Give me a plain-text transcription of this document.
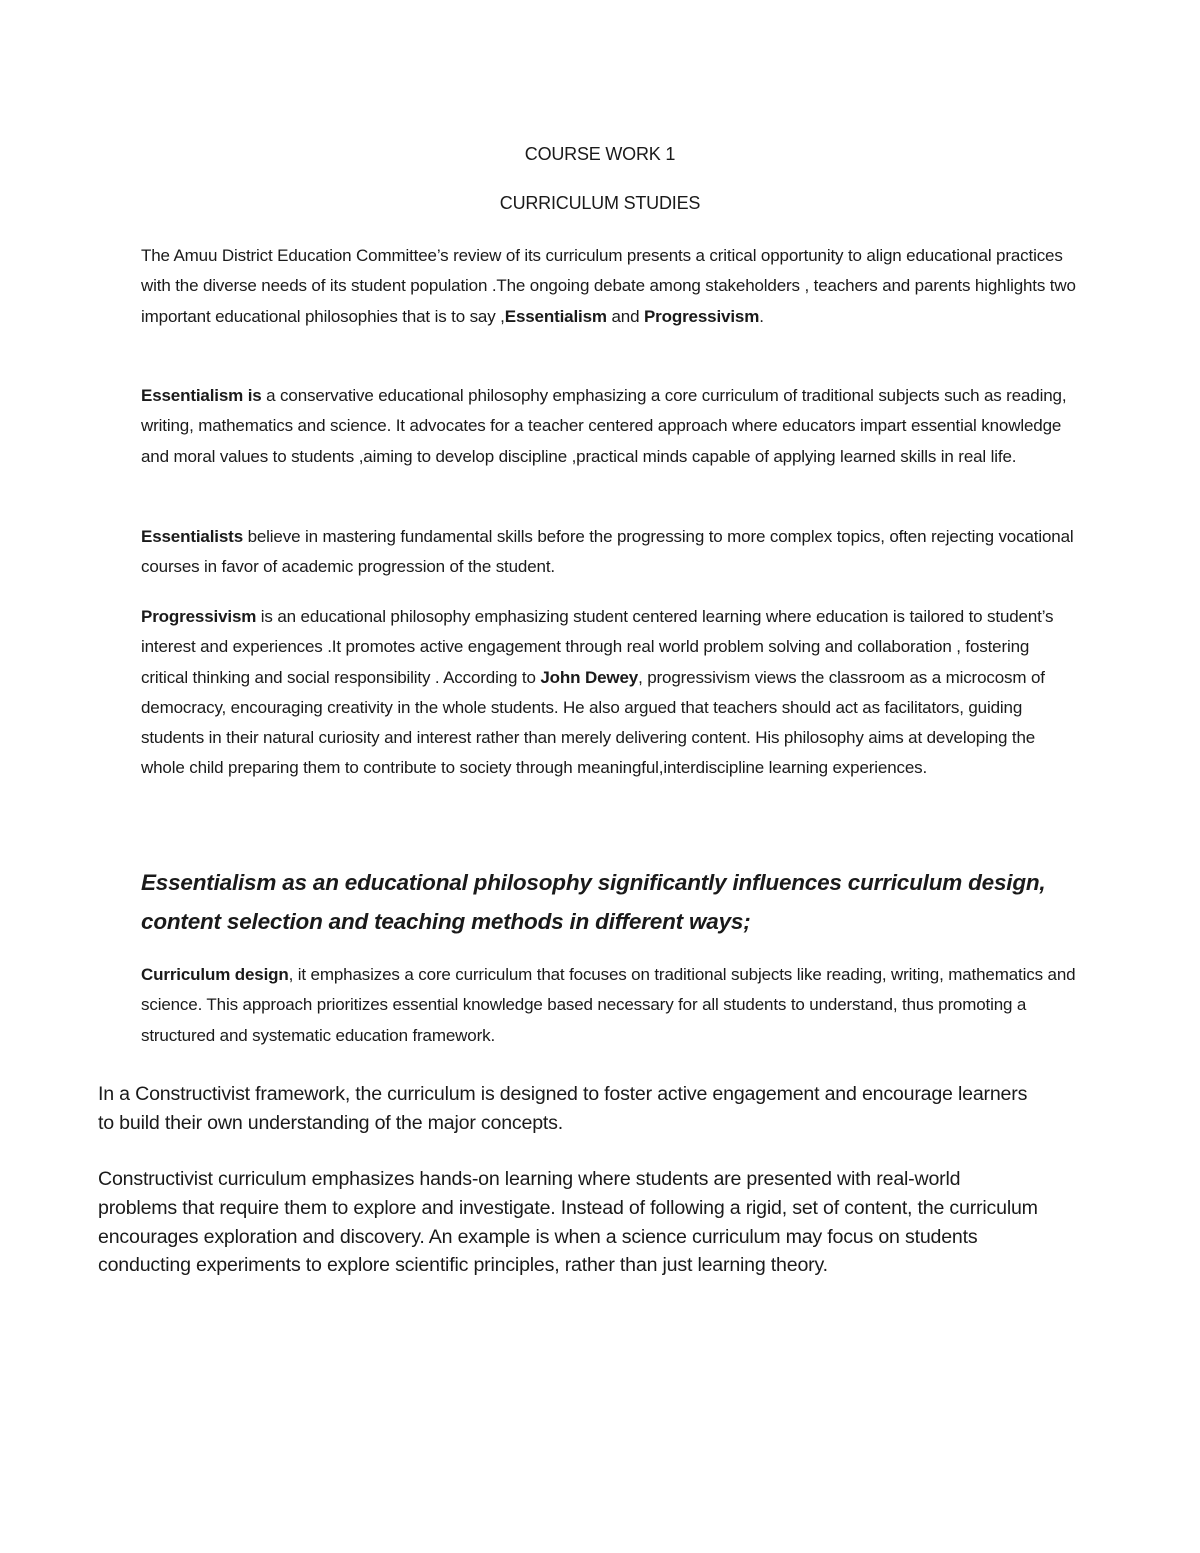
COURSE WORK 1
CURRICULUM STUDIES
The Amuu District Education Committee’s review of its curriculum presents a critical opportunity to align educational practices with the diverse needs of its student population .The ongoing debate among stakeholders , teachers and parents highlights two important educational philosophies that is to say ,Essentialism and Progressivism.
Essentialism is a conservative educational philosophy emphasizing a core curriculum of traditional subjects such as reading, writing, mathematics and science. It advocates for a teacher centered approach where educators impart essential knowledge and moral values to students ,aiming to develop discipline ,practical minds capable of applying learned skills in real life.
Essentialists believe in mastering fundamental skills before the progressing to more complex topics, often rejecting vocational courses in favor of academic progression of the student.
Progressivism is an educational philosophy emphasizing student centered learning where education is tailored to student’s interest and experiences .It promotes active engagement through real world problem solving and collaboration , fostering critical thinking and social responsibility . According to John Dewey, progressivism views the classroom as a microcosm of democracy, encouraging creativity in the whole students. He also argued that teachers should act as facilitators, guiding students in their natural curiosity and interest rather than merely delivering content. His philosophy aims at developing the whole child preparing them to contribute to society through meaningful,interdiscipline learning experiences.
Essentialism as an educational philosophy significantly influences curriculum design, content selection and teaching methods in different ways;
Curriculum design, it emphasizes a core curriculum that focuses on traditional subjects like reading, writing, mathematics and science. This approach prioritizes essential knowledge based necessary for all students to understand, thus promoting a structured and systematic education framework.
In a Constructivist framework, the curriculum is designed to foster active engagement and encourage learners to build their own understanding of the major concepts.
Constructivist curriculum emphasizes hands-on learning where students are presented with real-world problems that require them to explore and investigate. Instead of following a rigid, set of content, the curriculum encourages exploration and discovery. An example is when a science curriculum may focus on students conducting experiments to explore scientific principles, rather than just learning theory.
